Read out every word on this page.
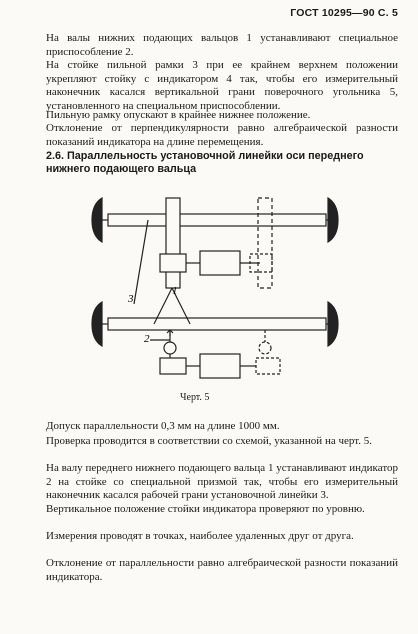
ГОСТ 10295—90 С. 5

На валы нижних подающих вальцов 1 устанавливают специальное приспособление 2.

На стойке пильной рамки 3 при ее крайнем верхнем положении укрепляют стойку с индикатором 4 так, чтобы его измерительный наконечник касался вертикальной грани поверочного угольника 5, установленного на специальном приспособлении.

Пильную рамку опускают в крайнее нижнее положение.

Отклонение от перпендикулярности равно алгебраической разности показаний индикатора на длине перемещения.

2.6. Параллельность установочной линейки оси переднего нижнего подающего вальца
1
3
2
Черт. 5

Допуск параллельности 0,3 мм на длине 1000 мм.

Проверка проводится в соответствии со схемой, указанной на черт. 5.

На валу переднего нижнего подающего вальца 1 устанавливают индикатор 2 на стойке со специальной призмой так, чтобы его измерительный наконечник касался рабочей грани установочной линейки 3.

Вертикальное положение стойки индикатора проверяют по уровню.

Измерения проводят в точках, наиболее удаленных друг от друга.

Отклонение от параллельности равно алгебраической разности показаний индикатора.
